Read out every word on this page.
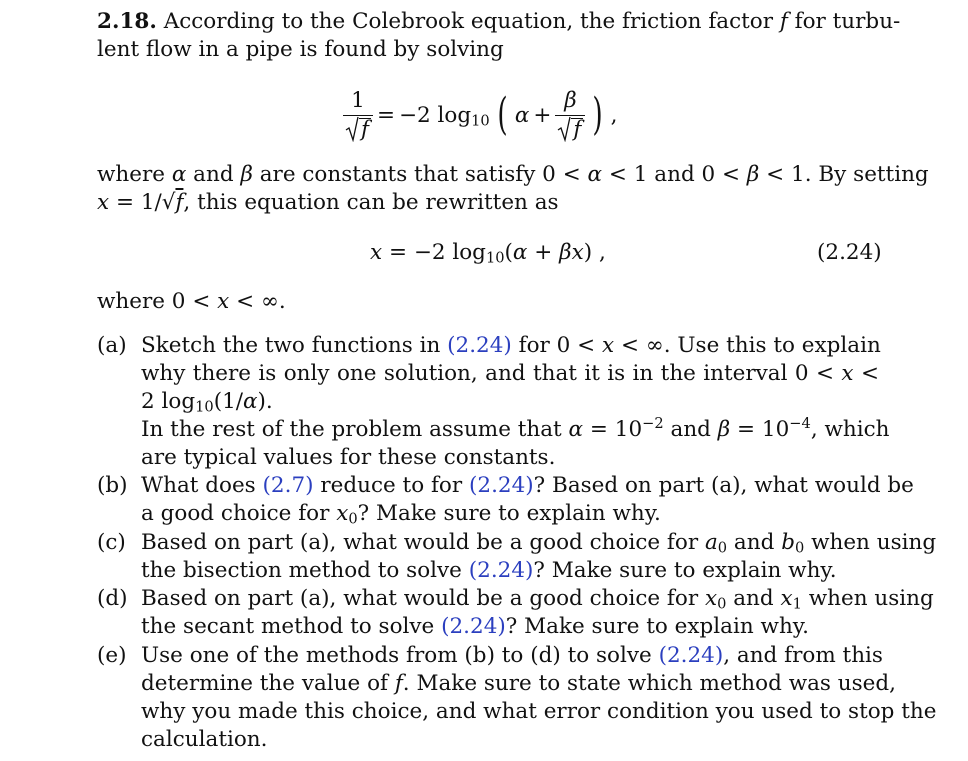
2.18. According to the Colebrook equation, the friction factor f for turbu-
lent flow in a pipe is found by solving
$\frac{1}{f} = -2$ $\log_{10}$ ( $\alpha + \frac{\beta}{f}$ ) ,
where α and β are constants that satisfy 0 < α < 1 and 0 < β < 1. By setting
x = 1/√f, this equation can be rewritten as
x = −2 $\log_{10}(\alpha + \beta x)$ ,	(2.24)
where 0 < x < ∞.
(a) Sketch the two functions in (2.24) for 0 < x < ∞. Use this to explain
why there is only one solution, and that it is in the interval 0 < x <
2 $\log_{10}(1/\alpha)$.
In the rest of the problem assume that $\alpha = 10^{-2}$ and $\beta = 10^{-4}$, which
are typical values for these constants.
(b) What does (2.7) reduce to for (2.24)? Based on part (a), what would be
a good choice for $x_0$? Make sure to explain why.
(c) Based on part (a), what would be a good choice for $a_0$ and $b_0$ when using
the bisection method to solve (2.24)? Make sure to explain why.
(d) Based on part (a), what would be a good choice for $x_0$ and $x_1$ when using
the secant method to solve (2.24)? Make sure to explain why.
(e) Use one of the methods from (b) to (d) to solve (2.24), and from this
determine the value of f. Make sure to state which method was used,
why you made this choice, and what error condition you used to stop the
calculation.
